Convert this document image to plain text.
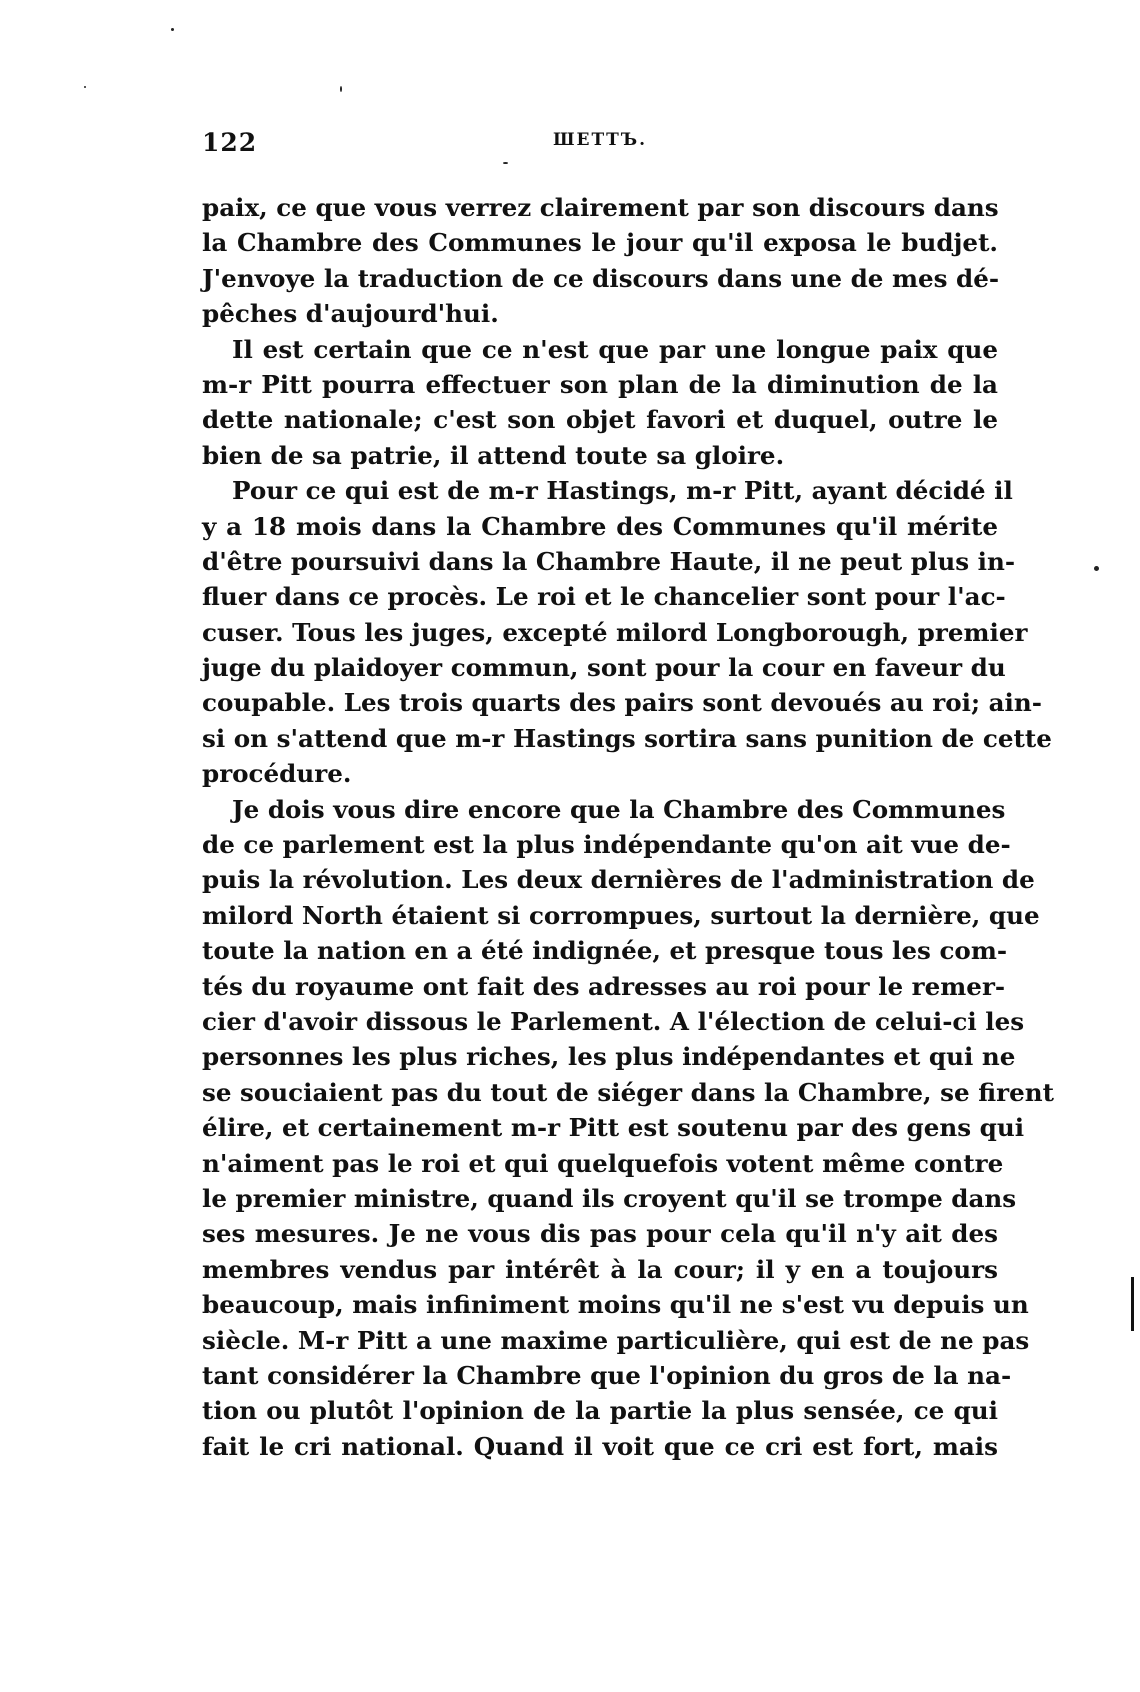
122	ШЕТТЪ.
paix, ce que vous verrez clairement par son discours dans
la Chambre des Communes le jour qu'il exposa le budjet.
J'envoye la traduction de ce discours dans une de mes dé-
pêches d'aujourd'hui.
Il est certain que ce n'est que par une longue paix que
m-r Pitt pourra effectuer son plan de la diminution de la
dette nationale; c'est son objet favori et duquel, outre le
bien de sa patrie, il attend toute sa gloire.
Pour ce qui est de m-r Hastings, m-r Pitt, ayant décidé il
y a 18 mois dans la Chambre des Communes qu'il mérite
d'être poursuivi dans la Chambre Haute, il ne peut plus in-
fluer dans ce procès. Le roi et le chancelier sont pour l'ac-
cuser. Tous les juges, excepté milord Longborough, premier
juge du plaidoyer commun, sont pour la cour en faveur du
coupable. Les trois quarts des pairs sont devoués au roi; ain-
si on s'attend que m-r Hastings sortira sans punition de cette
procédure.
Je dois vous dire encore que la Chambre des Communes
de ce parlement est la plus indépendante qu'on ait vue de-
puis la révolution. Les deux dernières de l'administration de
milord North étaient si corrompues, surtout la dernière, que
toute la nation en a été indignée, et presque tous les com-
tés du royaume ont fait des adresses au roi pour le remer-
cier d'avoir dissous le Parlement. A l'élection de celui-ci les
personnes les plus riches, les plus indépendantes et qui ne
se souciaient pas du tout de siéger dans la Chambre, se firent
élire, et certainement m-r Pitt est soutenu par des gens qui
n'aiment pas le roi et qui quelquefois votent même contre
le premier ministre, quand ils croyent qu'il se trompe dans
ses mesures. Je ne vous dis pas pour cela qu'il n'y ait des
membres vendus par intérêt à la cour; il y en a toujours
beaucoup, mais infiniment moins qu'il ne s'est vu depuis un
siècle. M-r Pitt a une maxime particulière, qui est de ne pas
tant considérer la Chambre que l'opinion du gros de la na-
tion ou plutôt l'opinion de la partie la plus sensée, ce qui
fait le cri national. Quand il voit que ce cri est fort, mais
